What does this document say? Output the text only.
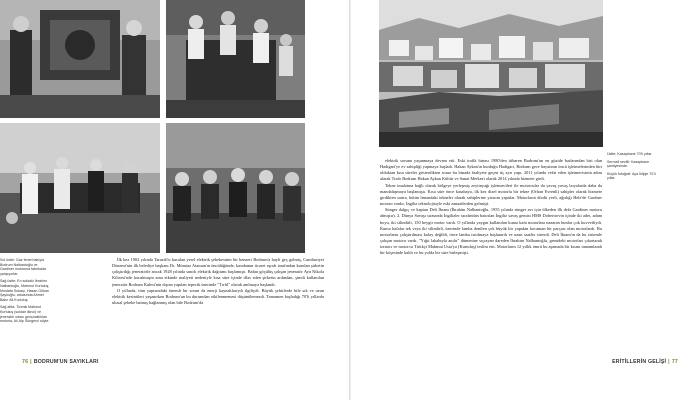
Sol üstte: Gaz feneri takıyla Bodrum Nalbantoğlu ve Gardiner motoruna fabrikada çalışıyorlar.

Sağ üstte: En soldaki İbrahim Nalbantoğlu, Mahmut Kurtuluş, Mustafa Subaşı, Hasan Gökan Şaykoğlu, arkasında Ahmet Bakır Ali Kurtuluş.

Sağ altta: Ticimik Mahmut Kurtuluş (soldan ikinci) ve jeneratör odası gençnaklıkları motorla, Ali Alp Süngerci söyle.

İlk kez 1902 yılında Tarazifi'n kurulan yerel elektrik şebekesinin bir benzeri Bodrum'a hayli geç gelmiş, Cumhuriyet Dönemi'nin ilk belediye başkanı Dr. Mümtaz Ataman'ın öncülüğünde, kasabanın ticaret eşrafı tarafından kurulan şirketin çalıştırdığı jeneratörle ancak 1928 yılında sınırlı elektrik dağıtımı başlamıştı. Bahar göçülüş çalışan jeneratör Ayu Nikola Kilisesi'nde kurulmuştu ama etkinde maliyeti nedeniyle kısa süre içinde iflas eden şirketin ardından, şimdi kullanılan jeneratör Bodrum Kalesi'nin dışına yapılan tepecik üzerinde "Tırfıl" olarak anılmaya başlandı.

O yıllarda, tüm yapısındaki önemli bir sorun da enerji kaynaklarıydı ilgiliydi. Büyük şehirlerde bile sık ve uzun elektrik kesintileri yaşanırken Bodrum'un bu durumdan etkilenmemesi düşünülemezdi. Tamamen başladığı 70'li yıllarda ulusal şebeke batmış bağlanmış olan bile Bodrum'da

76 | BODRUM'UN SAYIKLARI

Üstte: Kasapbane 70'li yıllar.

Sermeli sezilli: Kasapbane şantiyesinde.

Küçük fotoğraf: Aya İklipje 70'li yıllar.

elektrik sorunu yaşanmaya devam etti. Eski trafik binası 1980'den itibaren Bodrum'un en güzide barlarından biri olan Hadigari'ye ev sahipliği yapmaya başladı. Hakan Aykan'ın kurduğu Hadigari, Bodrum gece hayatının öncü işletmelerinden biri olduktan kısa süreler gösterdikten sonra bu binada faaliyete geçen üç ayrı yapı, 2011 yılında vefat eden işletmecisinin adını alarak Trafo Bodrum Hakan Aykan Kültür ve Sanat Merkezi olarak 2014 yılında hizmete girdi.

Tekne imalatına bağlı olarak bölgeye yerleşmiş zeytinyağı işletmecileri ile motorcular da yavaş yavaş boyalarda daha da mandalaşmaya başlamıştı. Kısa süre önce kasabaya, ilk kez dizel motorlu bir tekne (Orhan Evrenli) sahipler olarak hizmete girdikten sonra, bütün limandaki tekneler olarak sahiplerine yatırım yaptılar. Motorların dördü yerli, ağırlığı Hele'de Gardner motoru vardır, İngiliz teknolojisiyle eski zanaatlerden gelmişti.

Sünger dalgıç ve kaptan Deli İbram (İbrahim Nalbantoğlu, 1955 yılında sünger avı için ülkeden ilk defa Gardiner motoru almıştır). 2. Dünya Savaşı sırasında İngilizler tarafından batırılan İngiliz savaş gemisi HMS Dobertrovin içinde iki adet, adam boyu, iki silindirli, 150 beygir motor vardı. O yıllarda yaygın kullanılan kuma kafa motorlara nazaran bunlar çok kuvvetliydi. Kuma kafalar tek veya iki silindirli, üzerinde lamba denilen çok büyük bir yapıdan kocaman bir parçası olan motorlardı. Bu motorların çalıştırılması kolay değildi, önce lamba ısıtılmaya başlanırdı ve uzun saatler sürerdi. Deli İbram'ın da bu sistemle çalışan motoru vardı. "Yığıt lakabıyla anılır" dümenine sıçrayan dareden İbrahim Nalbantoğlu, gemideki motorları çıkartarak tornacı ve motorcu Tiritkçi Mahmut Usta'ya (Kurtuluş) teslim etti. Motorların 12 yıllık ömrü bu aşamada bir kısmı tamamlandı bir köşesinde kaldı ve bu yolda bir süre birleşmişti.

ERİTİLLERİN GELİŞİ | 77
